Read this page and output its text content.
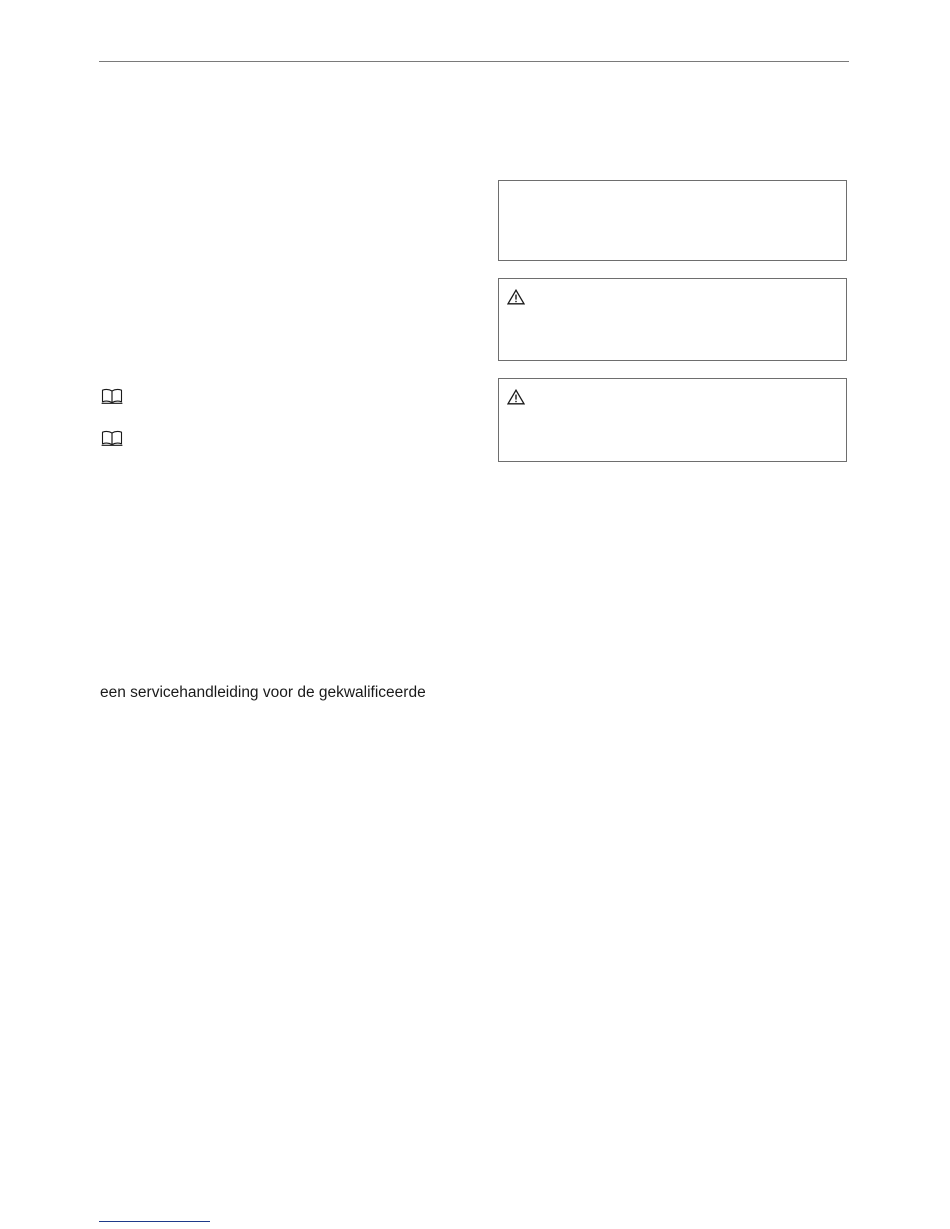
een servicehandleiding voor de gekwalificeerde
